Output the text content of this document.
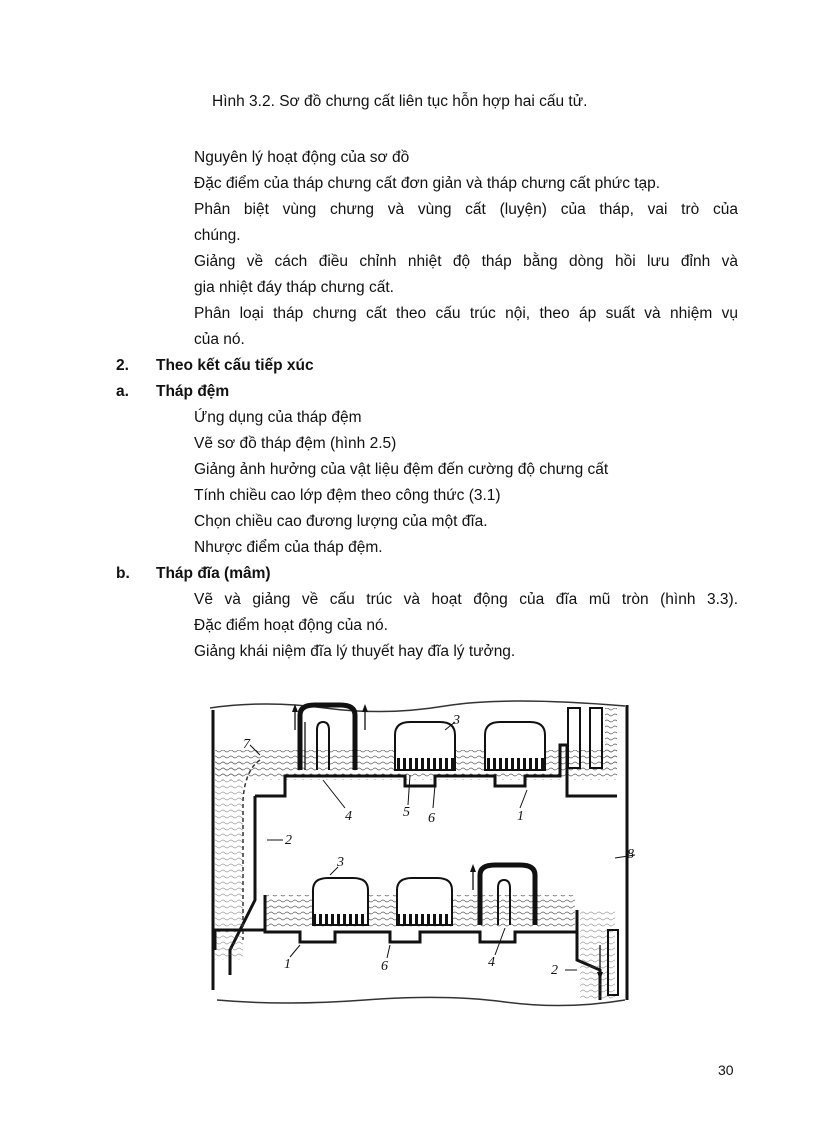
Hình 3.2. Sơ đồ chưng cất liên tục hỗn hợp hai cấu tử.
Nguyên lý hoạt động của sơ đồ
Đặc điểm của tháp chưng cất đơn giản và tháp chưng cất phức tạp.
Phân biệt vùng chưng và vùng cất (luyện) của tháp, vai trò của
chúng.
Giảng về cách điều chỉnh nhiệt độ tháp bằng dòng hồi lưu đỉnh và
gia nhiệt đáy tháp chưng cất.
Phân loại tháp chưng cất theo cấu trúc nội, theo áp suất và nhiệm vụ
của nó.
2. Theo kết cấu tiếp xúc
a. Tháp đệm
Ứng dụng của tháp đệm
Vẽ sơ đồ tháp đệm (hình 2.5)
Giảng ảnh hưởng của vật liệu đệm đến cường độ chưng cất
Tính chiều cao lớp đệm theo công thức (3.1)
Chọn chiều cao đương lượng của một đĩa.
Nhược điểm của tháp đệm.
b. Tháp đĩa (mâm)
Vẽ và giảng về cấu trúc và hoạt động của đĩa mũ tròn (hình 3.3).
Đặc điểm hoạt động của nó.
Giảng khái niệm đĩa lý thuyết hay đĩa lý tưởng.
7
3
4	5 6	1
2
8
3
1	6	4
2
30
